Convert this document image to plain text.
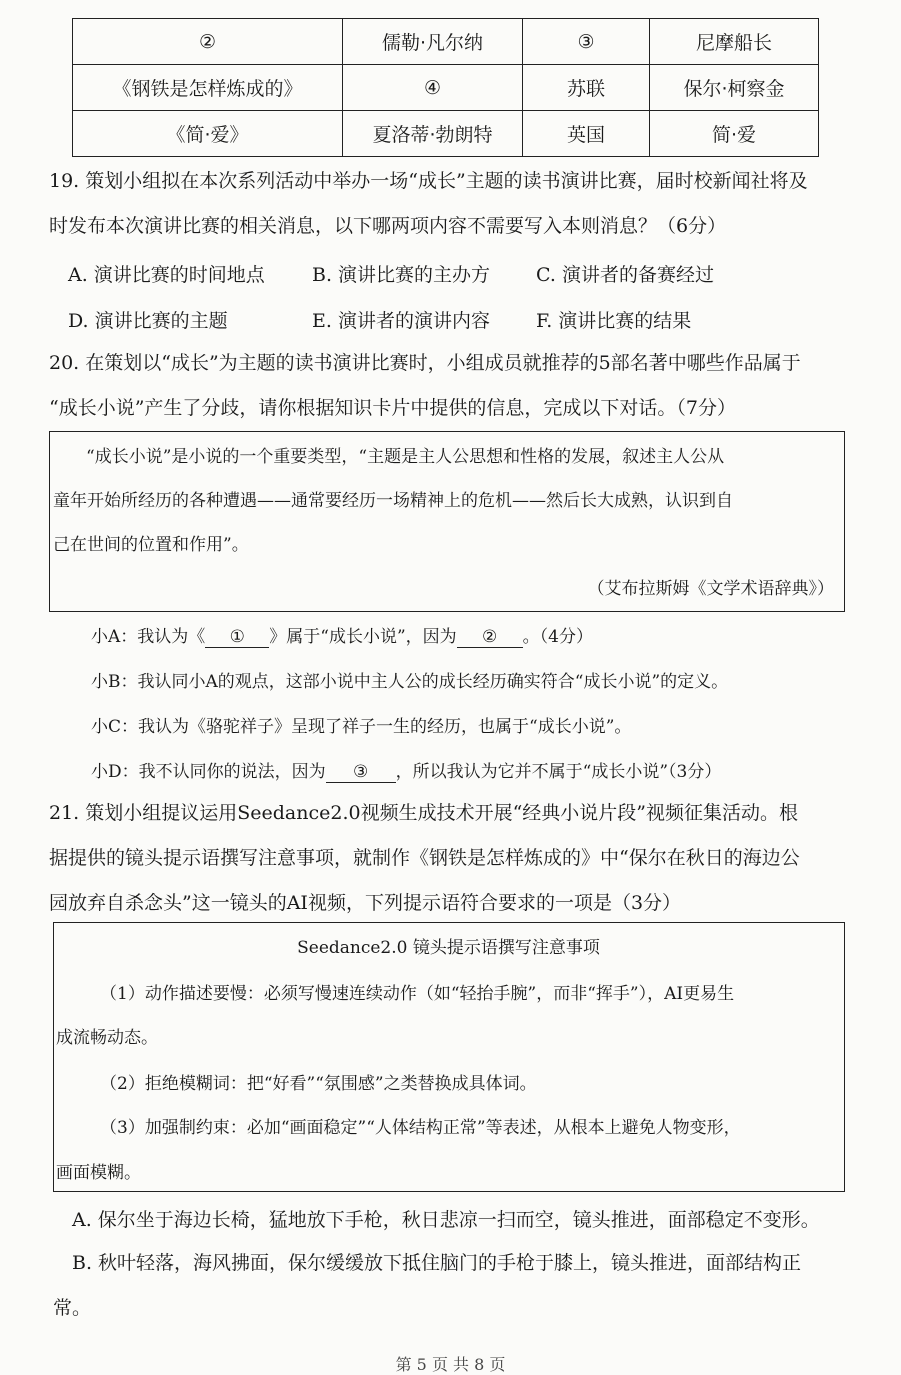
②	儒勒·凡尔纳	③	尼摩船长
《钢铁是怎样炼成的》	④	苏联	保尔·柯察金
《简·爱》	夏洛蒂·勃朗特	英国	简·爱
19. 策划小组拟在本次系列活动中举办一场“成长”主题的读书演讲比赛，届时校新闻社将及
时发布本次演讲比赛的相关消息，以下哪两项内容不需要写入本则消息？（6分）
A. 演讲比赛的时间地点 B. 演讲比赛的主办方 C. 演讲者的备赛经过
D. 演讲比赛的主题	E. 演讲者的演讲内容 F. 演讲比赛的结果
20. 在策划以“成长”为主题的读书演讲比赛时，小组成员就推荐的5部名著中哪些作品属于
“成长小说”产生了分歧，请你根据知识卡片中提供的信息，完成以下对话。（7分）
“成长小说”是小说的一个重要类型，“主题是主人公思想和性格的发展，叙述主人公从
童年开始所经历的各种遭遇——通常要经历一场精神上的危机——然后长大成熟，认识到自
己在世间的位置和作用”。
（艾布拉斯姆《文学术语辞典》）
小A：我认为《 ① 》属于“成长小说”，因为 ② 。（4分）
小B：我认同小A的观点，这部小说中主人公的成长经历确实符合“成长小说”的定义。
小C：我认为《骆驼祥子》呈现了祥子一生的经历，也属于“成长小说”。
小D：我不认同你的说法，因为 ③ ，所以我认为它并不属于“成长小说”（3分）
21. 策划小组提议运用Seedance2.0视频生成技术开展“经典小说片段”视频征集活动。根
据提供的镜头提示语撰写注意事项，就制作《钢铁是怎样炼成的》中“保尔在秋日的海边公
园放弃自杀念头”这一镜头的AI视频，下列提示语符合要求的一项是（3分）
Seedance2.0 镜头提示语撰写注意事项
（1）动作描述要慢：必须写慢速连续动作（如“轻抬手腕”，而非“挥手”），AI更易生
成流畅动态。
（2）拒绝模糊词：把“好看”“氛围感”之类替换成具体词。
（3）加强制约束：必加“画面稳定”“人体结构正常”等表述，从根本上避免人物变形，
画面模糊。
A. 保尔坐于海边长椅，猛地放下手枪，秋日悲凉一扫而空，镜头推进，面部稳定不变形。
B. 秋叶轻落，海风拂面，保尔缓缓放下抵住脑门的手枪于膝上，镜头推进，面部结构正
常。
第 5 页 共 8 页
